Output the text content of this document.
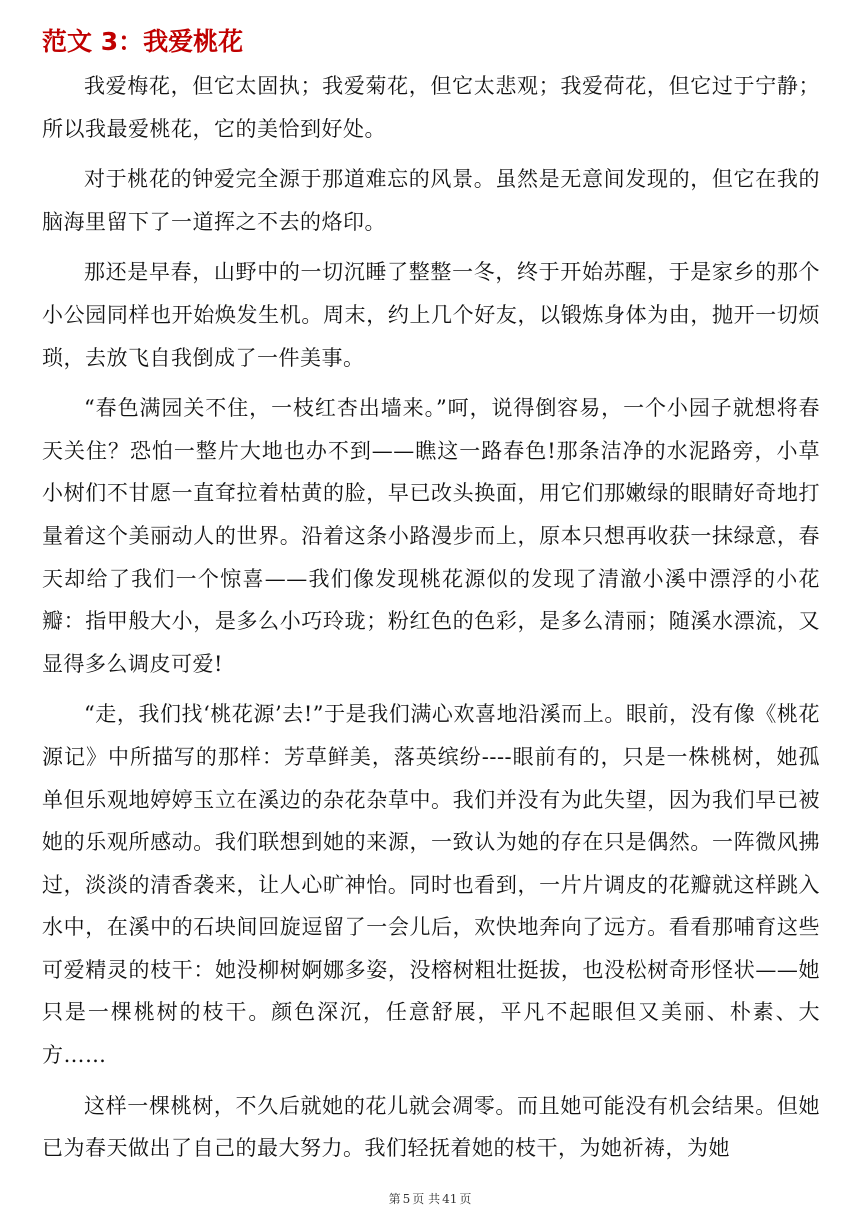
范文 3：我爱桃花

我爱梅花，但它太固执；我爱菊花，但它太悲观；我爱荷花，但它过于宁静；所以我最爱桃花，它的美恰到好处。

对于桃花的钟爱完全源于那道难忘的风景。虽然是无意间发现的，但它在我的脑海里留下了一道挥之不去的烙印。

那还是早春，山野中的一切沉睡了整整一冬，终于开始苏醒，于是家乡的那个小公园同样也开始焕发生机。周末，约上几个好友，以锻炼身体为由，抛开一切烦琐，去放飞自我倒成了一件美事。

“春色满园关不住，一枝红杏出墙来。”呵，说得倒容易，一个小园子就想将春天关住？恐怕一整片大地也办不到——瞧这一路春色!那条洁净的水泥路旁，小草小树们不甘愿一直耷拉着枯黄的脸，早已改头换面，用它们那嫩绿的眼睛好奇地打量着这个美丽动人的世界。沿着这条小路漫步而上，原本只想再收获一抹绿意，春天却给了我们一个惊喜——我们像发现桃花源似的发现了清澈小溪中漂浮的小花瓣：指甲般大小，是多么小巧玲珑；粉红色的色彩，是多么清丽；随溪水漂流，又显得多么调皮可爱!

“走，我们找‘桃花源’去!”于是我们满心欢喜地沿溪而上。眼前，没有像《桃花源记》中所描写的那样：芳草鲜美，落英缤纷----眼前有的，只是一株桃树，她孤单但乐观地婷婷玉立在溪边的杂花杂草中。我们并没有为此失望，因为我们早已被她的乐观所感动。我们联想到她的来源，一致认为她的存在只是偶然。一阵微风拂过，淡淡的清香袭来，让人心旷神怡。同时也看到，一片片调皮的花瓣就这样跳入水中，在溪中的石块间回旋逗留了一会儿后，欢快地奔向了远方。看看那哺育这些可爱精灵的枝干：她没柳树婀娜多姿，没榕树粗壮挺拔，也没松树奇形怪状——她只是一棵桃树的枝干。颜色深沉，任意舒展，平凡不起眼但又美丽、朴素、大方……

这样一棵桃树，不久后就她的花儿就会凋零。而且她可能没有机会结果。但她已为春天做出了自己的最大努力。我们轻抚着她的枝干，为她祈祷，为她

第 5 页 共 41 页
